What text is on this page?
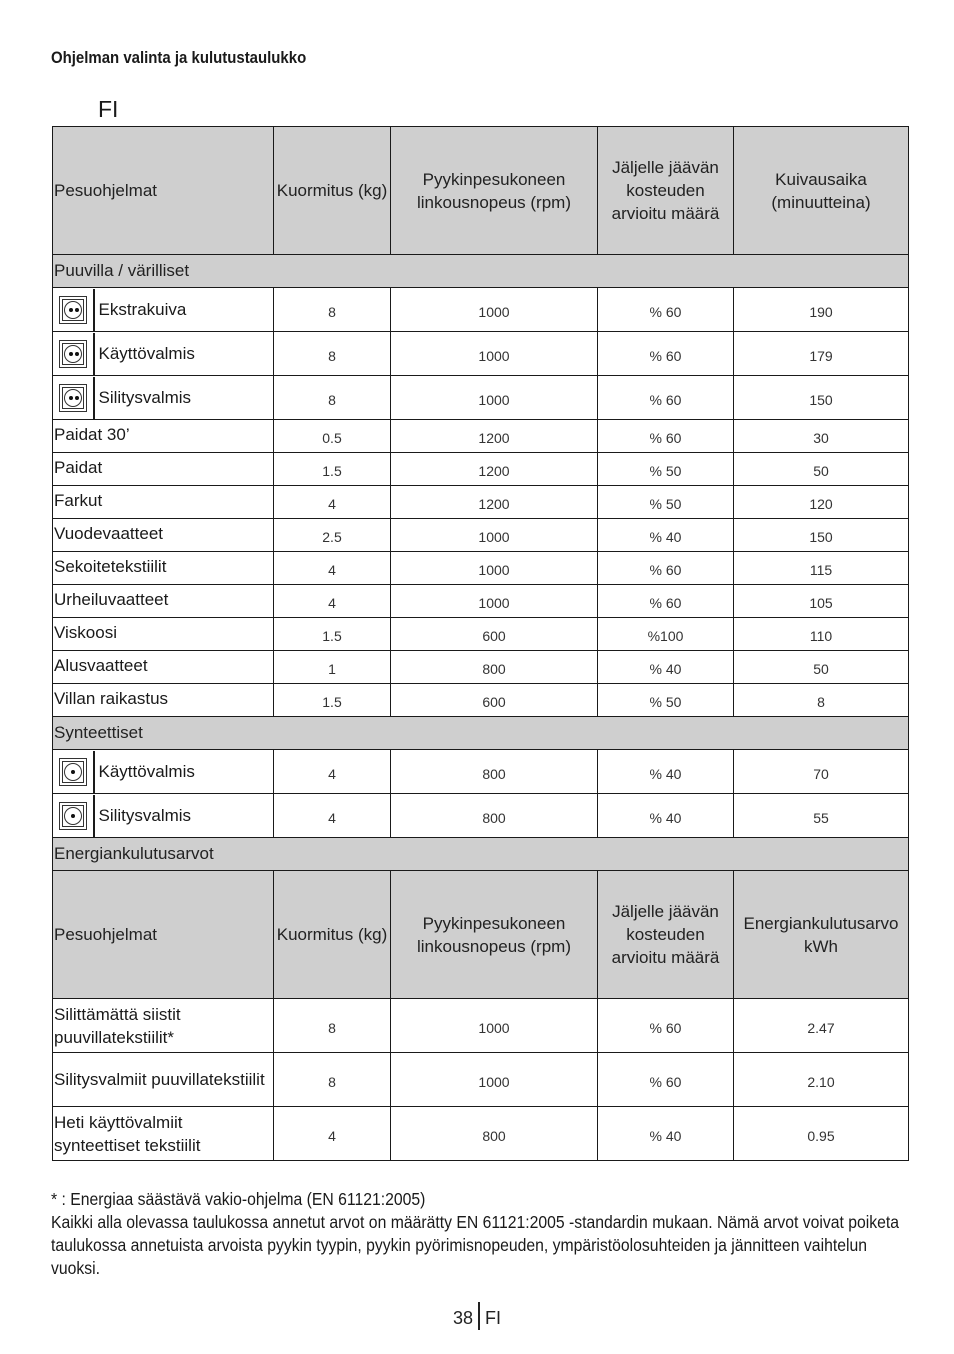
Ohjelman valinta ja kulutustaulukko
FI
Pesuohjelmat	Kuormitus (kg)	Pyykinpesukoneen linkousnopeus (rpm)	Jäljelle jäävän kosteuden arvioitu määrä	Kuivausaika (minuutteina)
Puuvilla / värilliset				

Ekstrakuiva	8	1000	% 60	190

Käyttövalmis	8	1000	% 60	179

Silitysvalmis	8	1000	% 60	150
Paidat 30’	0.5	1200	% 60	30
Paidat	1.5	1200	% 50	50
Farkut	4	1200	% 50	120
Vuodevaatteet	2.5	1000	% 40	150
Sekoitetekstiilit	4	1000	% 60	115
Urheiluvaatteet	4	1000	% 60	105
Viskoosi	1.5	600	%100	110
Alusvaatteet	1	800	% 40	50
Villan raikastus	1.5	600	% 50	8
Synteettiset				

Käyttövalmis	4	800	% 40	70

Silitysvalmis	4	800	% 40	55
Energiankulutusarvot				
Pesuohjelmat	Kuormitus (kg)	Pyykinpesukoneen linkousnopeus (rpm)	Jäljelle jäävän kosteuden arvioitu määrä	Energiankulutusarvo kWh
Silittämättä siistit puuvillatekstiilit*	8	1000	% 60	2.47
Silitysvalmiit puuvillatekstiilit	8	1000	% 60	2.10
Heti käyttövalmiit synteettiset tekstiilit	4	800	% 40	0.95

* : Energiaa säästävä vakio-ohjelma (EN 61121:2005)

Kaikki alla olevassa taulukossa annetut arvot on määrätty EN 61121:2005 -standardin mukaan. Nämä arvot voivat poiketa taulukossa annetuista arvoista pyykin tyypin, pyykin pyörimisnopeuden, ympäristöolosuhteiden ja jännitteen vaihtelun vuoksi.

38 FI
